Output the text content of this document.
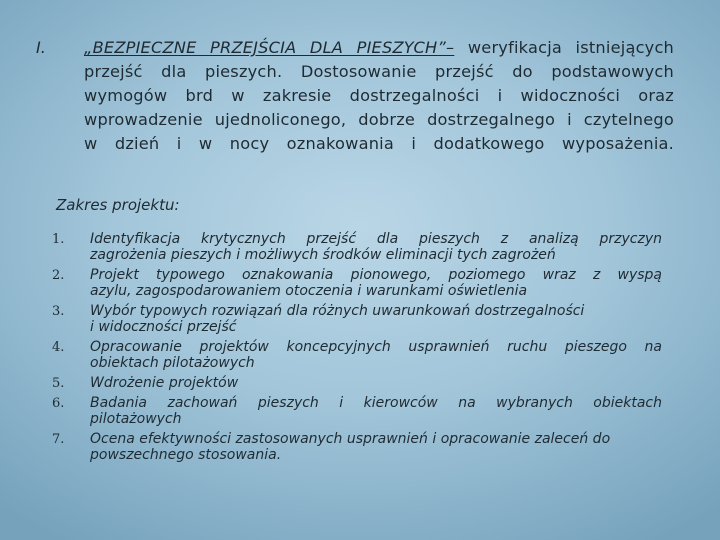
I. „BEZPIECZNE PRZEJŚCIA DLA PIESZYCH”– weryfikacja istniejących
przejść dla pieszych. Dostosowanie przejść do podstawowych
wymogów brd w zakresie dostrzegalności i widoczności oraz
wprowadzenie ujednoliconego, dobrze dostrzegalnego i czytelnego
w dzień i w nocy oznakowania i dodatkowego wyposażenia.
Zakres projektu:
1.	Identyfikacja krytycznych przejść dla pieszych z analizą przyczyn
zagrożenia pieszych i możliwych środków eliminacji tych zagrożeń
2.	Projekt typowego oznakowania pionowego, poziomego wraz z wyspą
azylu, zagospodarowaniem otoczenia i warunkami oświetlenia
3.	Wybór typowych rozwiązań dla różnych uwarunkowań dostrzegalności
i widoczności przejść
4.	Opracowanie projektów koncepcyjnych usprawnień ruchu pieszego na
obiektach pilotażowych
5.	Wdrożenie projektów
6.	Badania zachowań pieszych i kierowców na wybranych obiektach
pilotażowych
7.	Ocena efektywności zastosowanych usprawnień i opracowanie zaleceń do
powszechnego stosowania.
